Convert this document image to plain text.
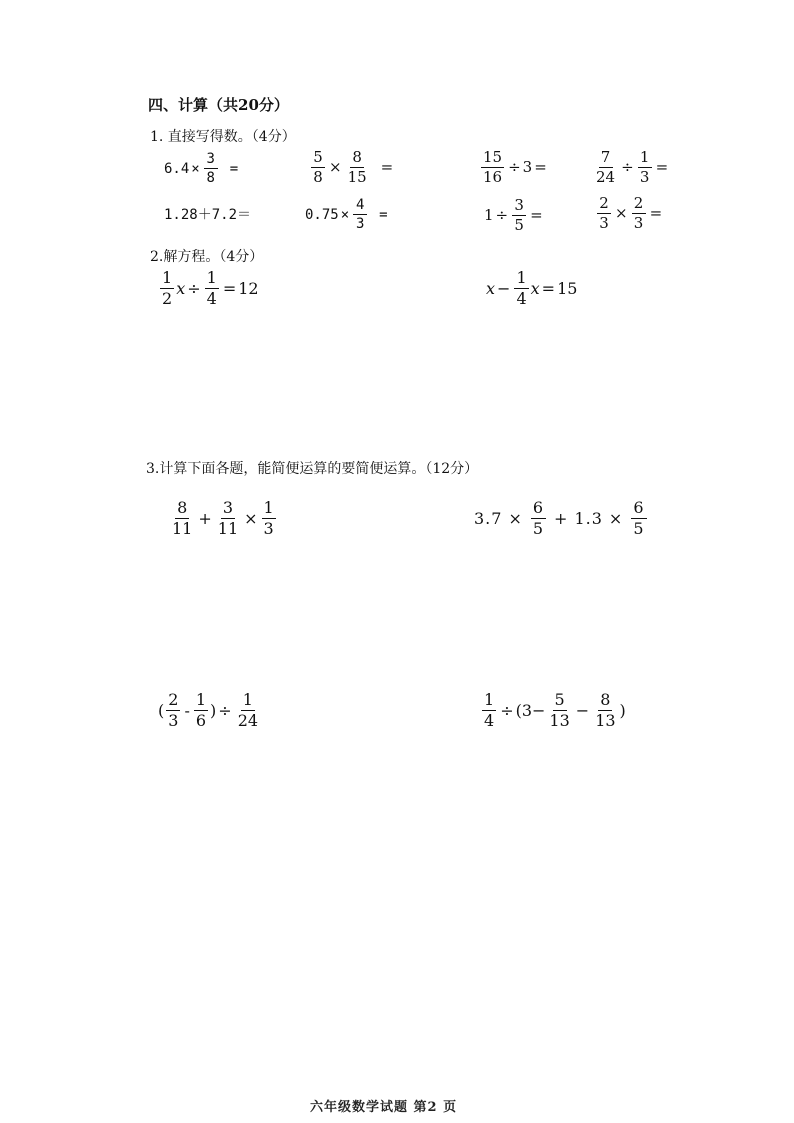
四、计算（共20分）
1. 直接写得数。（4分）
$6.4 \times \frac{3}{8}$ =	$\frac{5}{8} \times \frac{8}{15}$ =	$\frac{15}{16} \div 3$ =	$\frac{7}{24} \div \frac{1}{3}$ =
1.28＋7.2＝	$0.75 \times \frac{4}{3}$ =	$1 \div \frac{3}{5}$ =	$\frac{2}{3} \times \frac{2}{3}$ =
2.解方程。（4分）
$\frac{1}{2}$ $x \div \frac{1}{4} = 12$	$x - \frac{1}{4}$ x = 15
3.计算下面各题，能简便运算的要简便运算。（12分）
$\frac{8}{11} + \frac{3}{11} \times \frac{1}{3}$	$3.7 \times \frac{6}{5} + 1.3 \times \frac{6}{5}$
( $\frac{2}{3} - \frac{1}{6}$ ) ÷ $\frac{1}{24}$	$\frac{1}{4} \div (3- \frac{5}{13} - \frac{8}{13}$ )
六年级数学试题 第2 页
